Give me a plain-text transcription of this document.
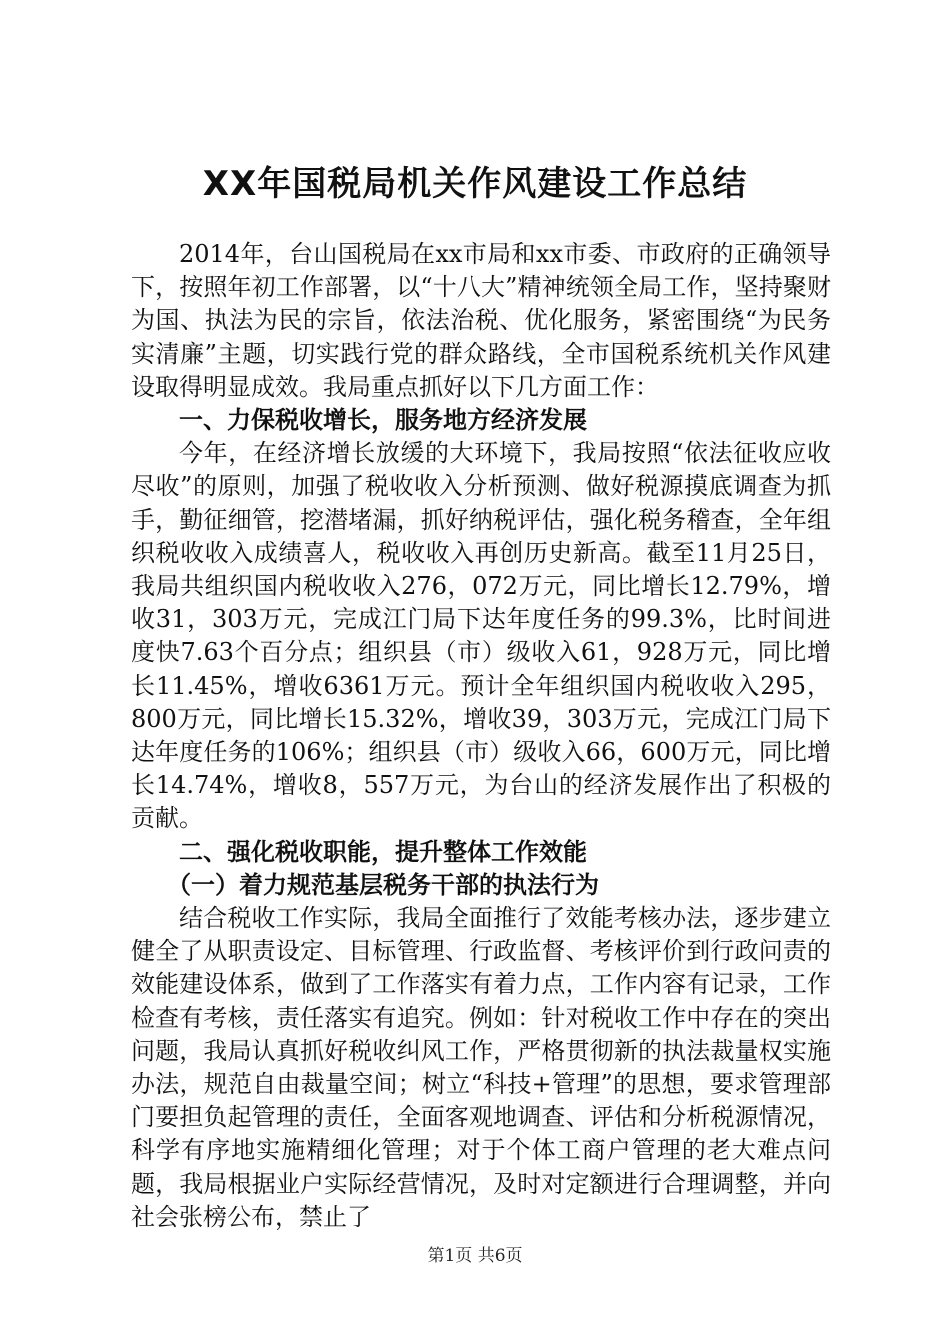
XX年国税局机关作风建设工作总结

2014年，台山国税局在xx市局和xx市委、市政府的正确领导下，按照年初工作部署，以“十八大”精神统领全局工作，坚持聚财为国、执法为民的宗旨，依法治税、优化服务，紧密围绕“为民务实清廉”主题，切实践行党的群众路线，全市国税系统机关作风建设取得明显成效。我局重点抓好以下几方面工作：

一、力保税收增长，服务地方经济发展

今年，在经济增长放缓的大环境下，我局按照“依法征收应收尽收”的原则，加强了税收收入分析预测、做好税源摸底调查为抓手，勤征细管，挖潜堵漏，抓好纳税评估，强化税务稽查，全年组织税收收入成绩喜人，税收收入再创历史新高。截至11月25日，我局共组织国内税收收入276，072万元，同比增长12.79%，增收31，303万元，完成江门局下达年度任务的99.3%，比时间进度快7.63个百分点；组织县（市）级收入61，928万元，同比增长11.45%，增收6361万元。预计全年组织国内税收收入295，800万元，同比增长15.32%，增收39，303万元，完成江门局下达年度任务的106%；组织县（市）级收入66，600万元，同比增长14.74%，增收8，557万元，为台山的经济发展作出了积极的贡献。

二、强化税收职能，提升整体工作效能

（一）着力规范基层税务干部的执法行为

结合税收工作实际，我局全面推行了效能考核办法，逐步建立健全了从职责设定、目标管理、行政监督、考核评价到行政问责的效能建设体系，做到了工作落实有着力点，工作内容有记录，工作检查有考核，责任落实有追究。例如：针对税收工作中存在的突出问题，我局认真抓好税收纠风工作，严格贯彻新的执法裁量权实施办法，规范自由裁量空间；树立“科技+管理”的思想，要求管理部门要担负起管理的责任，全面客观地调查、评估和分析税源情况，科学有序地实施精细化管理；对于个体工商户管理的老大难点问题，我局根据业户实际经营情况，及时对定额进行合理调整，并向社会张榜公布，禁止了

第1页 共6页
